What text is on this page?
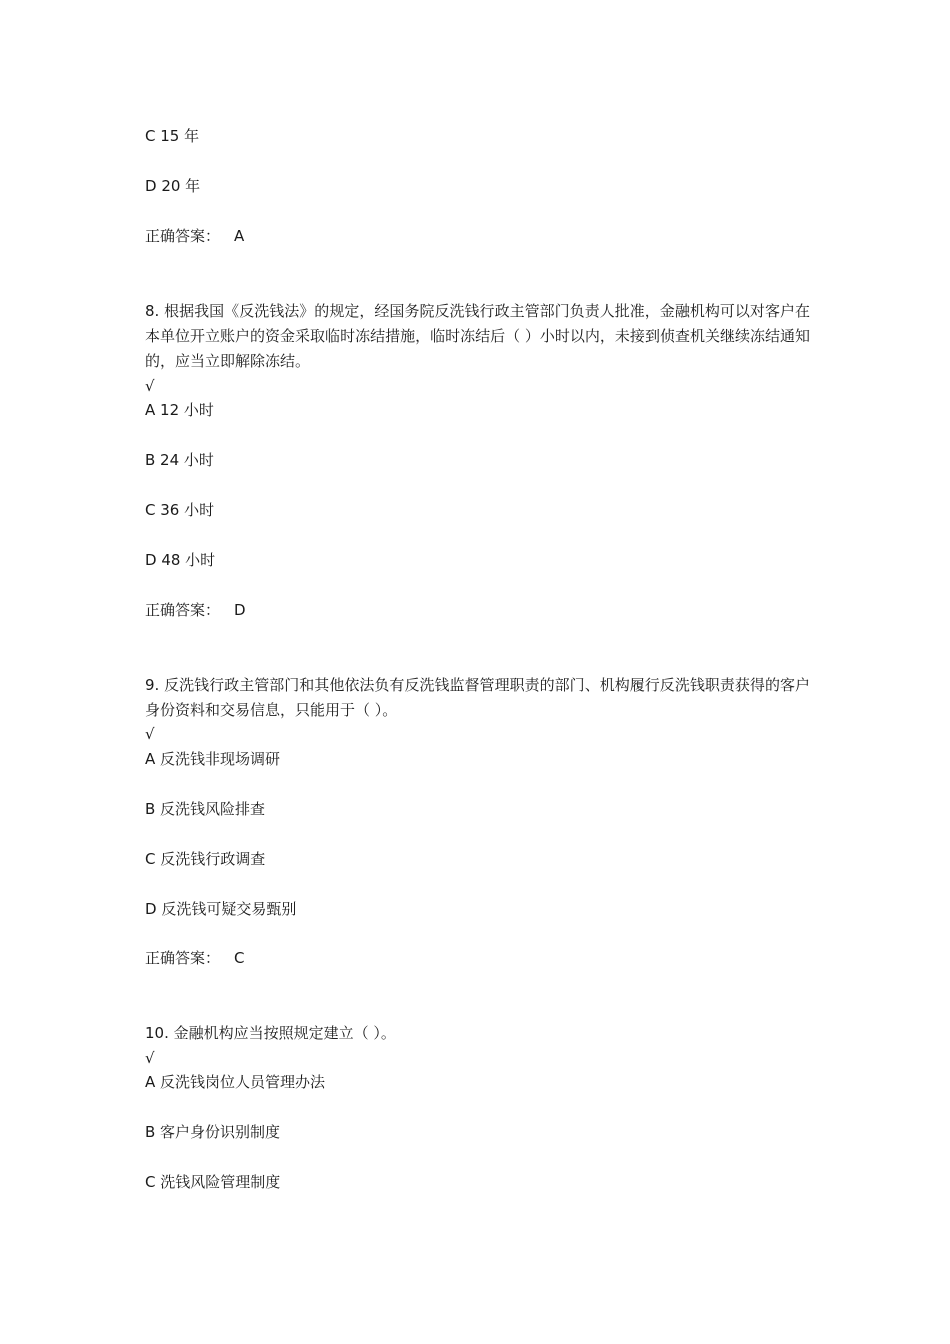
C 15 年
D 20 年
正确答案： A
8. 根据我国《反洗钱法》的规定，经国务院反洗钱行政主管部门负责人批准，金融机构可以对客户在本单位开立账户的资金采取临时冻结措施，临时冻结后（ ）小时以内，未接到侦查机关继续冻结通知的，应当立即解除冻结。
√
A 12 小时
B 24 小时
C 36 小时
D 48 小时
正确答案： D
9. 反洗钱行政主管部门和其他依法负有反洗钱监督管理职责的部门、机构履行反洗钱职责获得的客户身份资料和交易信息，只能用于（ ）。
√
A 反洗钱非现场调研
B 反洗钱风险排查
C 反洗钱行政调查
D 反洗钱可疑交易甄别
正确答案： C
10. 金融机构应当按照规定建立（ ）。
√
A 反洗钱岗位人员管理办法
B 客户身份识别制度
C 洗钱风险管理制度
